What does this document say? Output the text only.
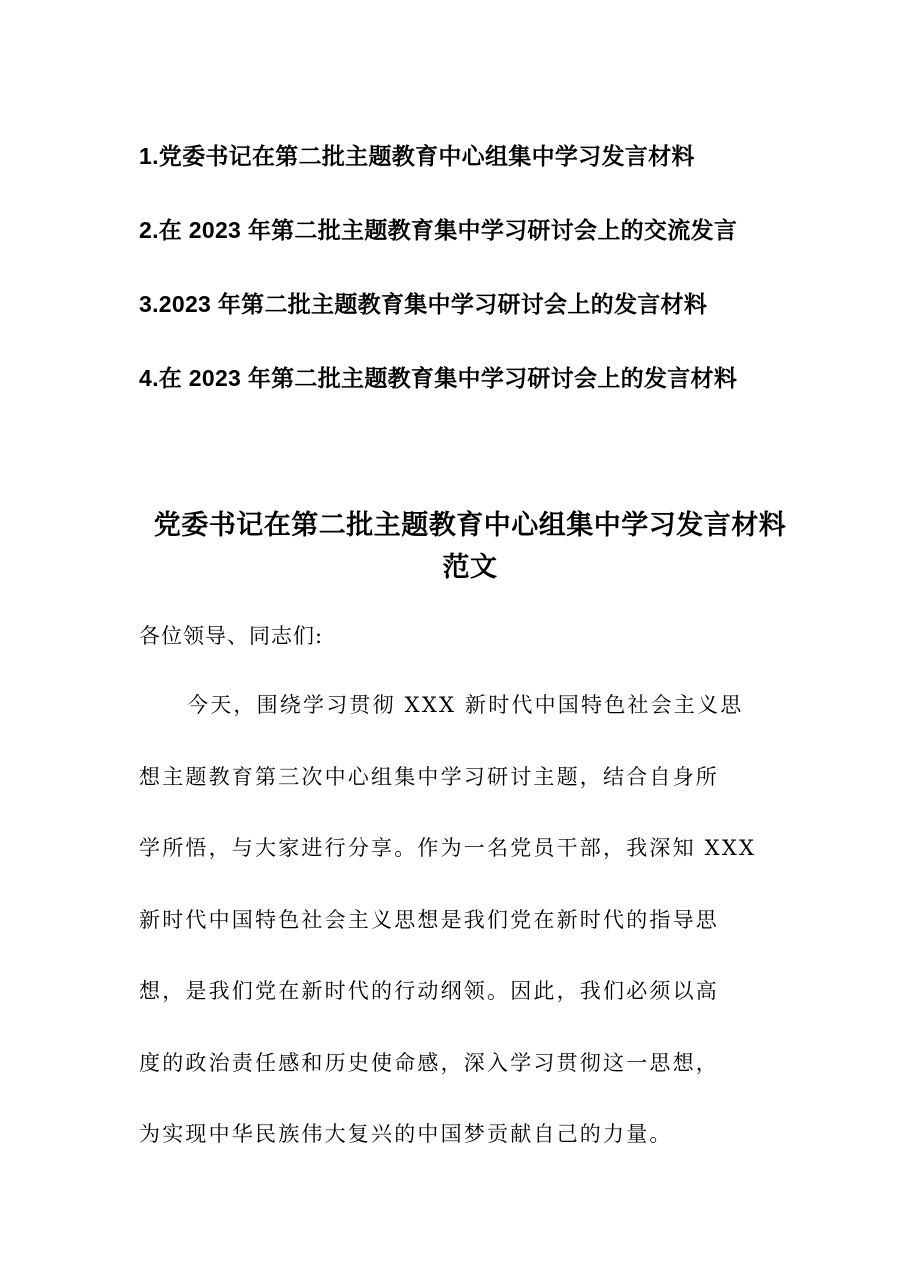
1.党委书记在第二批主题教育中心组集中学习发言材料
2.在 2023 年第二批主题教育集中学习研讨会上的交流发言
3.2023 年第二批主题教育集中学习研讨会上的发言材料
4.在 2023 年第二批主题教育集中学习研讨会上的发言材料
党委书记在第二批主题教育中心组集中学习发言材料
范文
各位领导、同志们:
今天，围绕学习贯彻 XXX 新时代中国特色社会主义思
想主题教育第三次中心组集中学习研讨主题，结合自身所
学所悟，与大家进行分享。作为一名党员干部，我深知 XXX
新时代中国特色社会主义思想是我们党在新时代的指导思
想，是我们党在新时代的行动纲领。因此，我们必须以高
度的政治责任感和历史使命感，深入学习贯彻这一思想，
为实现中华民族伟大复兴的中国梦贡献自己的力量。
